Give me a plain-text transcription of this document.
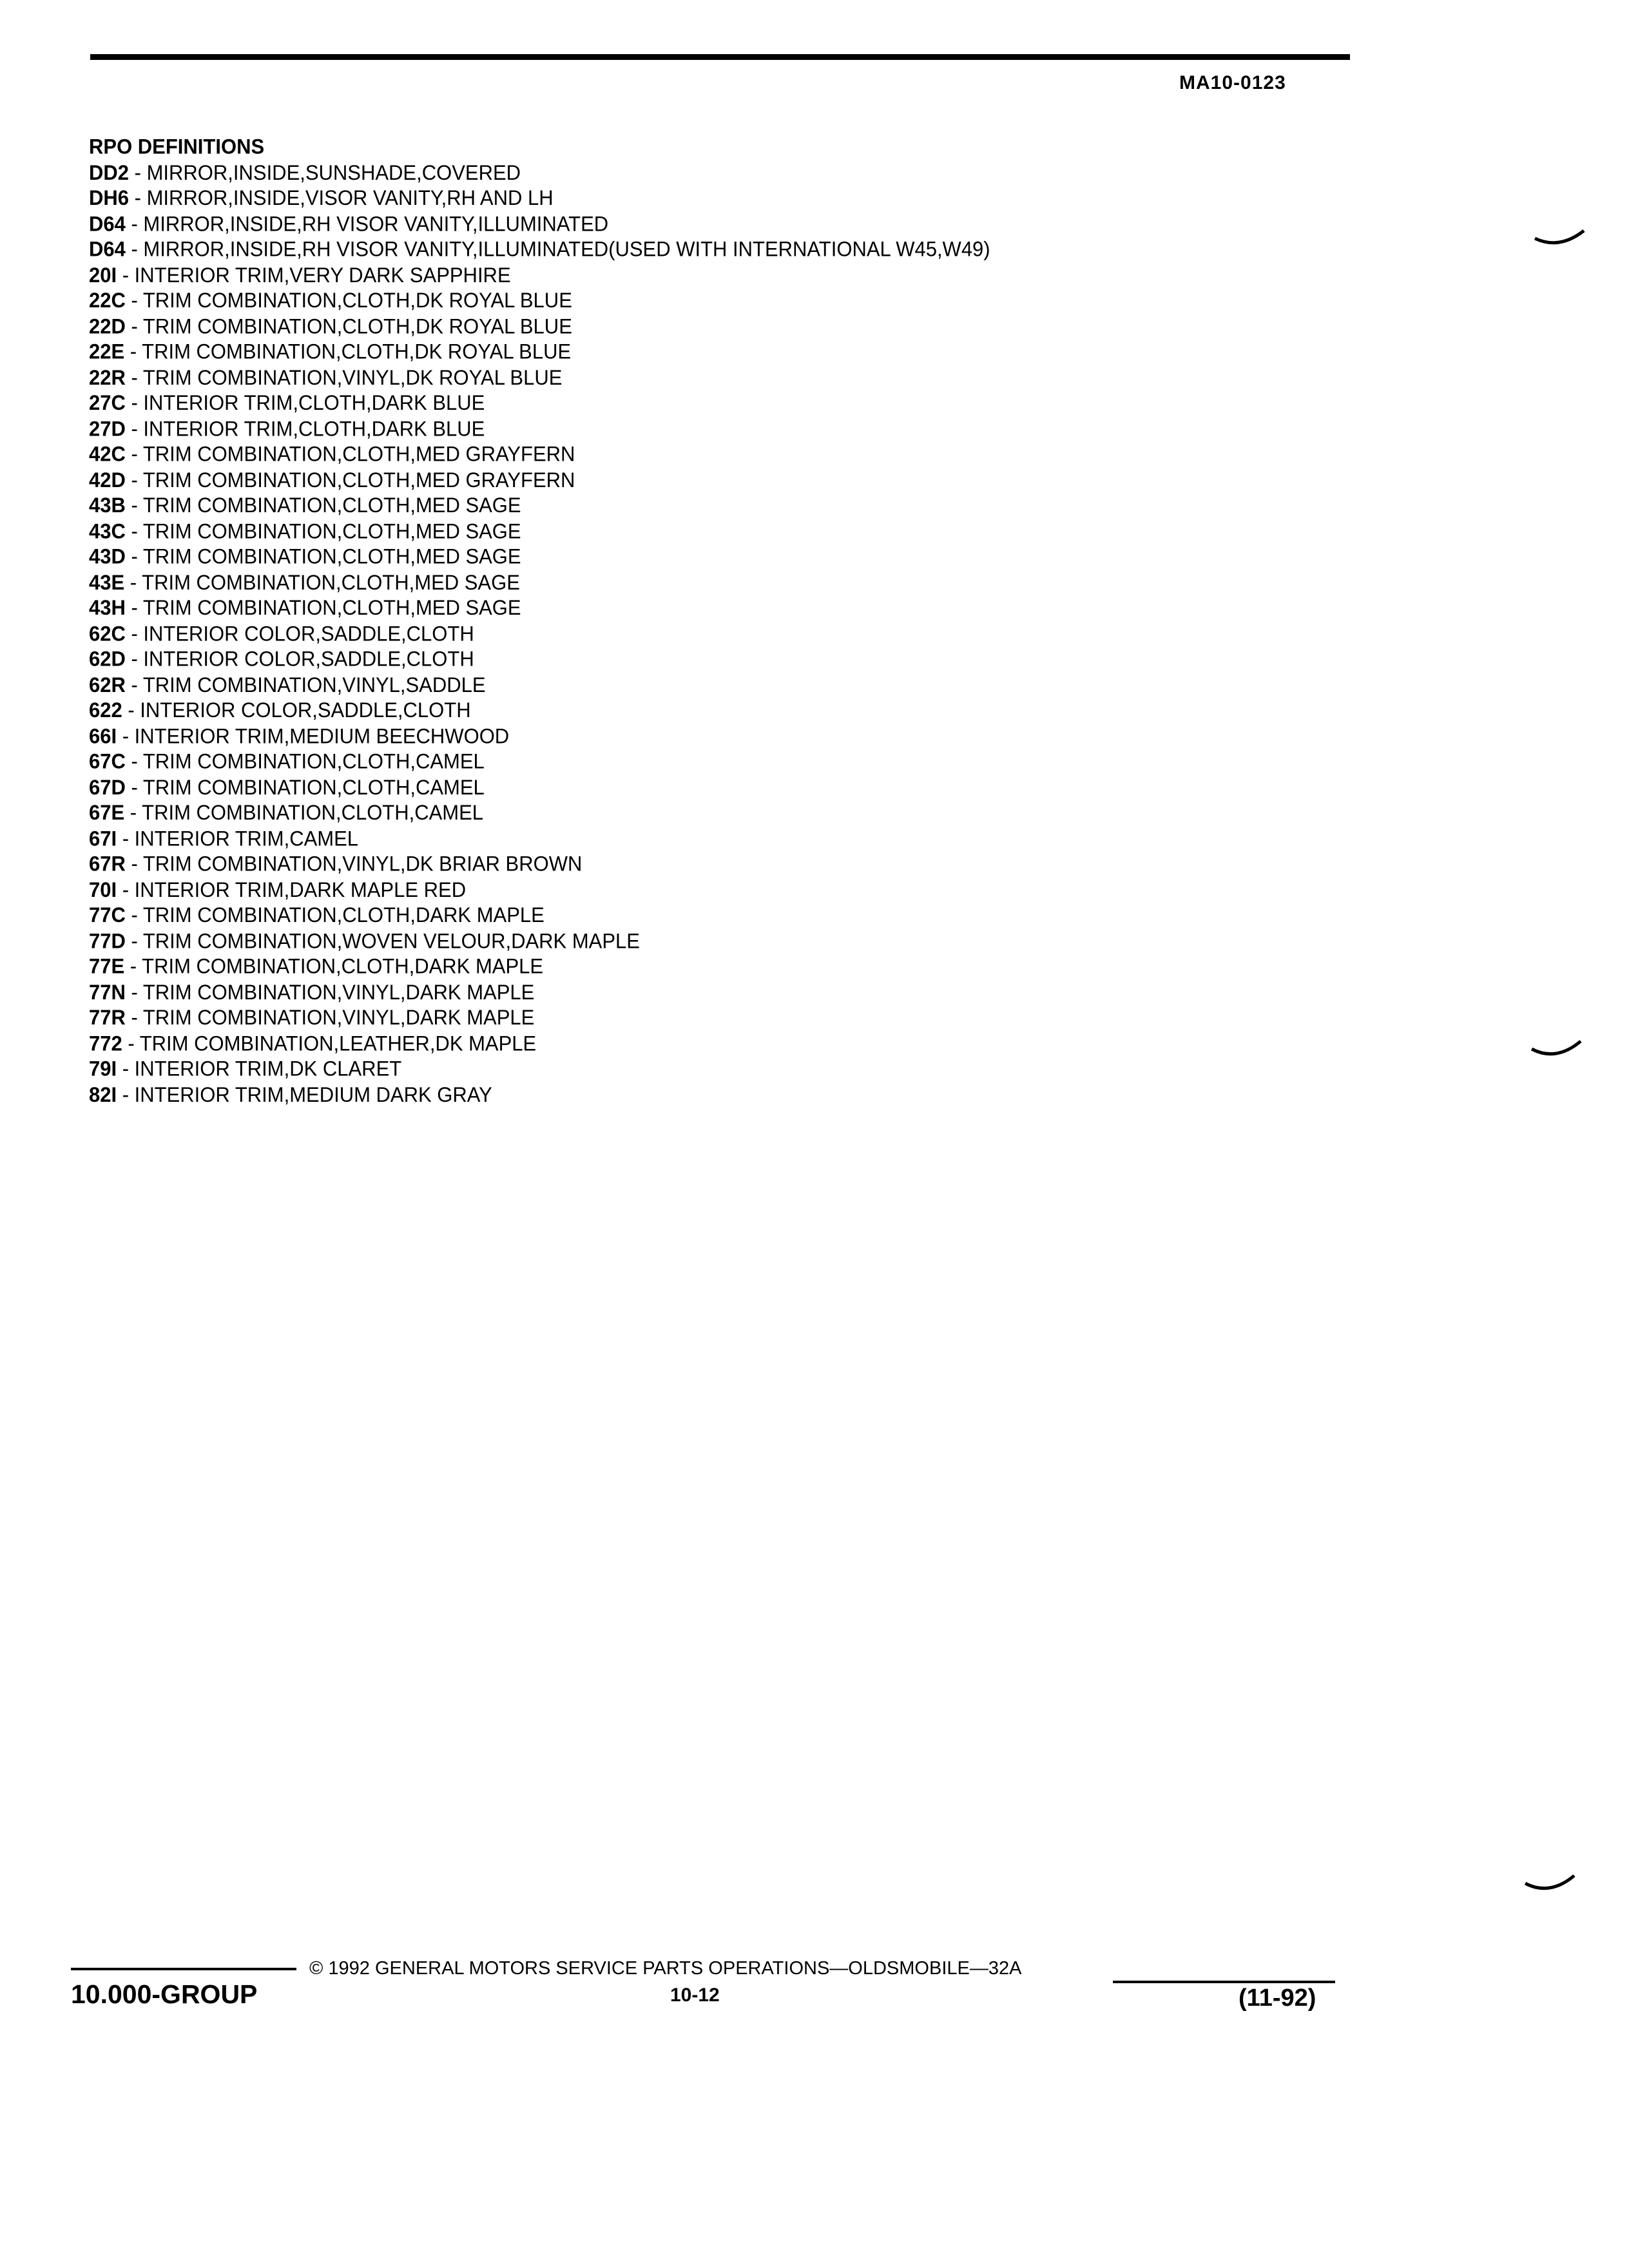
MA10-0123
RPO DEFINITIONS
DD2 - MIRROR,INSIDE,SUNSHADE,COVERED
DH6 - MIRROR,INSIDE,VISOR VANITY,RH AND LH
D64 - MIRROR,INSIDE,RH VISOR VANITY,ILLUMINATED
D64 - MIRROR,INSIDE,RH VISOR VANITY,ILLUMINATED(USED WITH INTERNATIONAL W45,W49)
20I - INTERIOR TRIM,VERY DARK SAPPHIRE
22C - TRIM COMBINATION,CLOTH,DK ROYAL BLUE
22D - TRIM COMBINATION,CLOTH,DK ROYAL BLUE
22E - TRIM COMBINATION,CLOTH,DK ROYAL BLUE
22R - TRIM COMBINATION,VINYL,DK ROYAL BLUE
27C - INTERIOR TRIM,CLOTH,DARK BLUE
27D - INTERIOR TRIM,CLOTH,DARK BLUE
42C - TRIM COMBINATION,CLOTH,MED GRAYFERN
42D - TRIM COMBINATION,CLOTH,MED GRAYFERN
43B - TRIM COMBINATION,CLOTH,MED SAGE
43C - TRIM COMBINATION,CLOTH,MED SAGE
43D - TRIM COMBINATION,CLOTH,MED SAGE
43E - TRIM COMBINATION,CLOTH,MED SAGE
43H - TRIM COMBINATION,CLOTH,MED SAGE
62C - INTERIOR COLOR,SADDLE,CLOTH
62D - INTERIOR COLOR,SADDLE,CLOTH
62R - TRIM COMBINATION,VINYL,SADDLE
622 - INTERIOR COLOR,SADDLE,CLOTH
66I - INTERIOR TRIM,MEDIUM BEECHWOOD
67C - TRIM COMBINATION,CLOTH,CAMEL
67D - TRIM COMBINATION,CLOTH,CAMEL
67E - TRIM COMBINATION,CLOTH,CAMEL
67I - INTERIOR TRIM,CAMEL
67R - TRIM COMBINATION,VINYL,DK BRIAR BROWN
70I - INTERIOR TRIM,DARK MAPLE RED
77C - TRIM COMBINATION,CLOTH,DARK MAPLE
77D - TRIM COMBINATION,WOVEN VELOUR,DARK MAPLE
77E - TRIM COMBINATION,CLOTH,DARK MAPLE
77N - TRIM COMBINATION,VINYL,DARK MAPLE
77R - TRIM COMBINATION,VINYL,DARK MAPLE
772 - TRIM COMBINATION,LEATHER,DK MAPLE
79I - INTERIOR TRIM,DK CLARET
82I - INTERIOR TRIM,MEDIUM DARK GRAY
© 1992 GENERAL MOTORS SERVICE PARTS OPERATIONS—OLDSMOBILE—32A
10.000-GROUP	10-12	(11-92)
